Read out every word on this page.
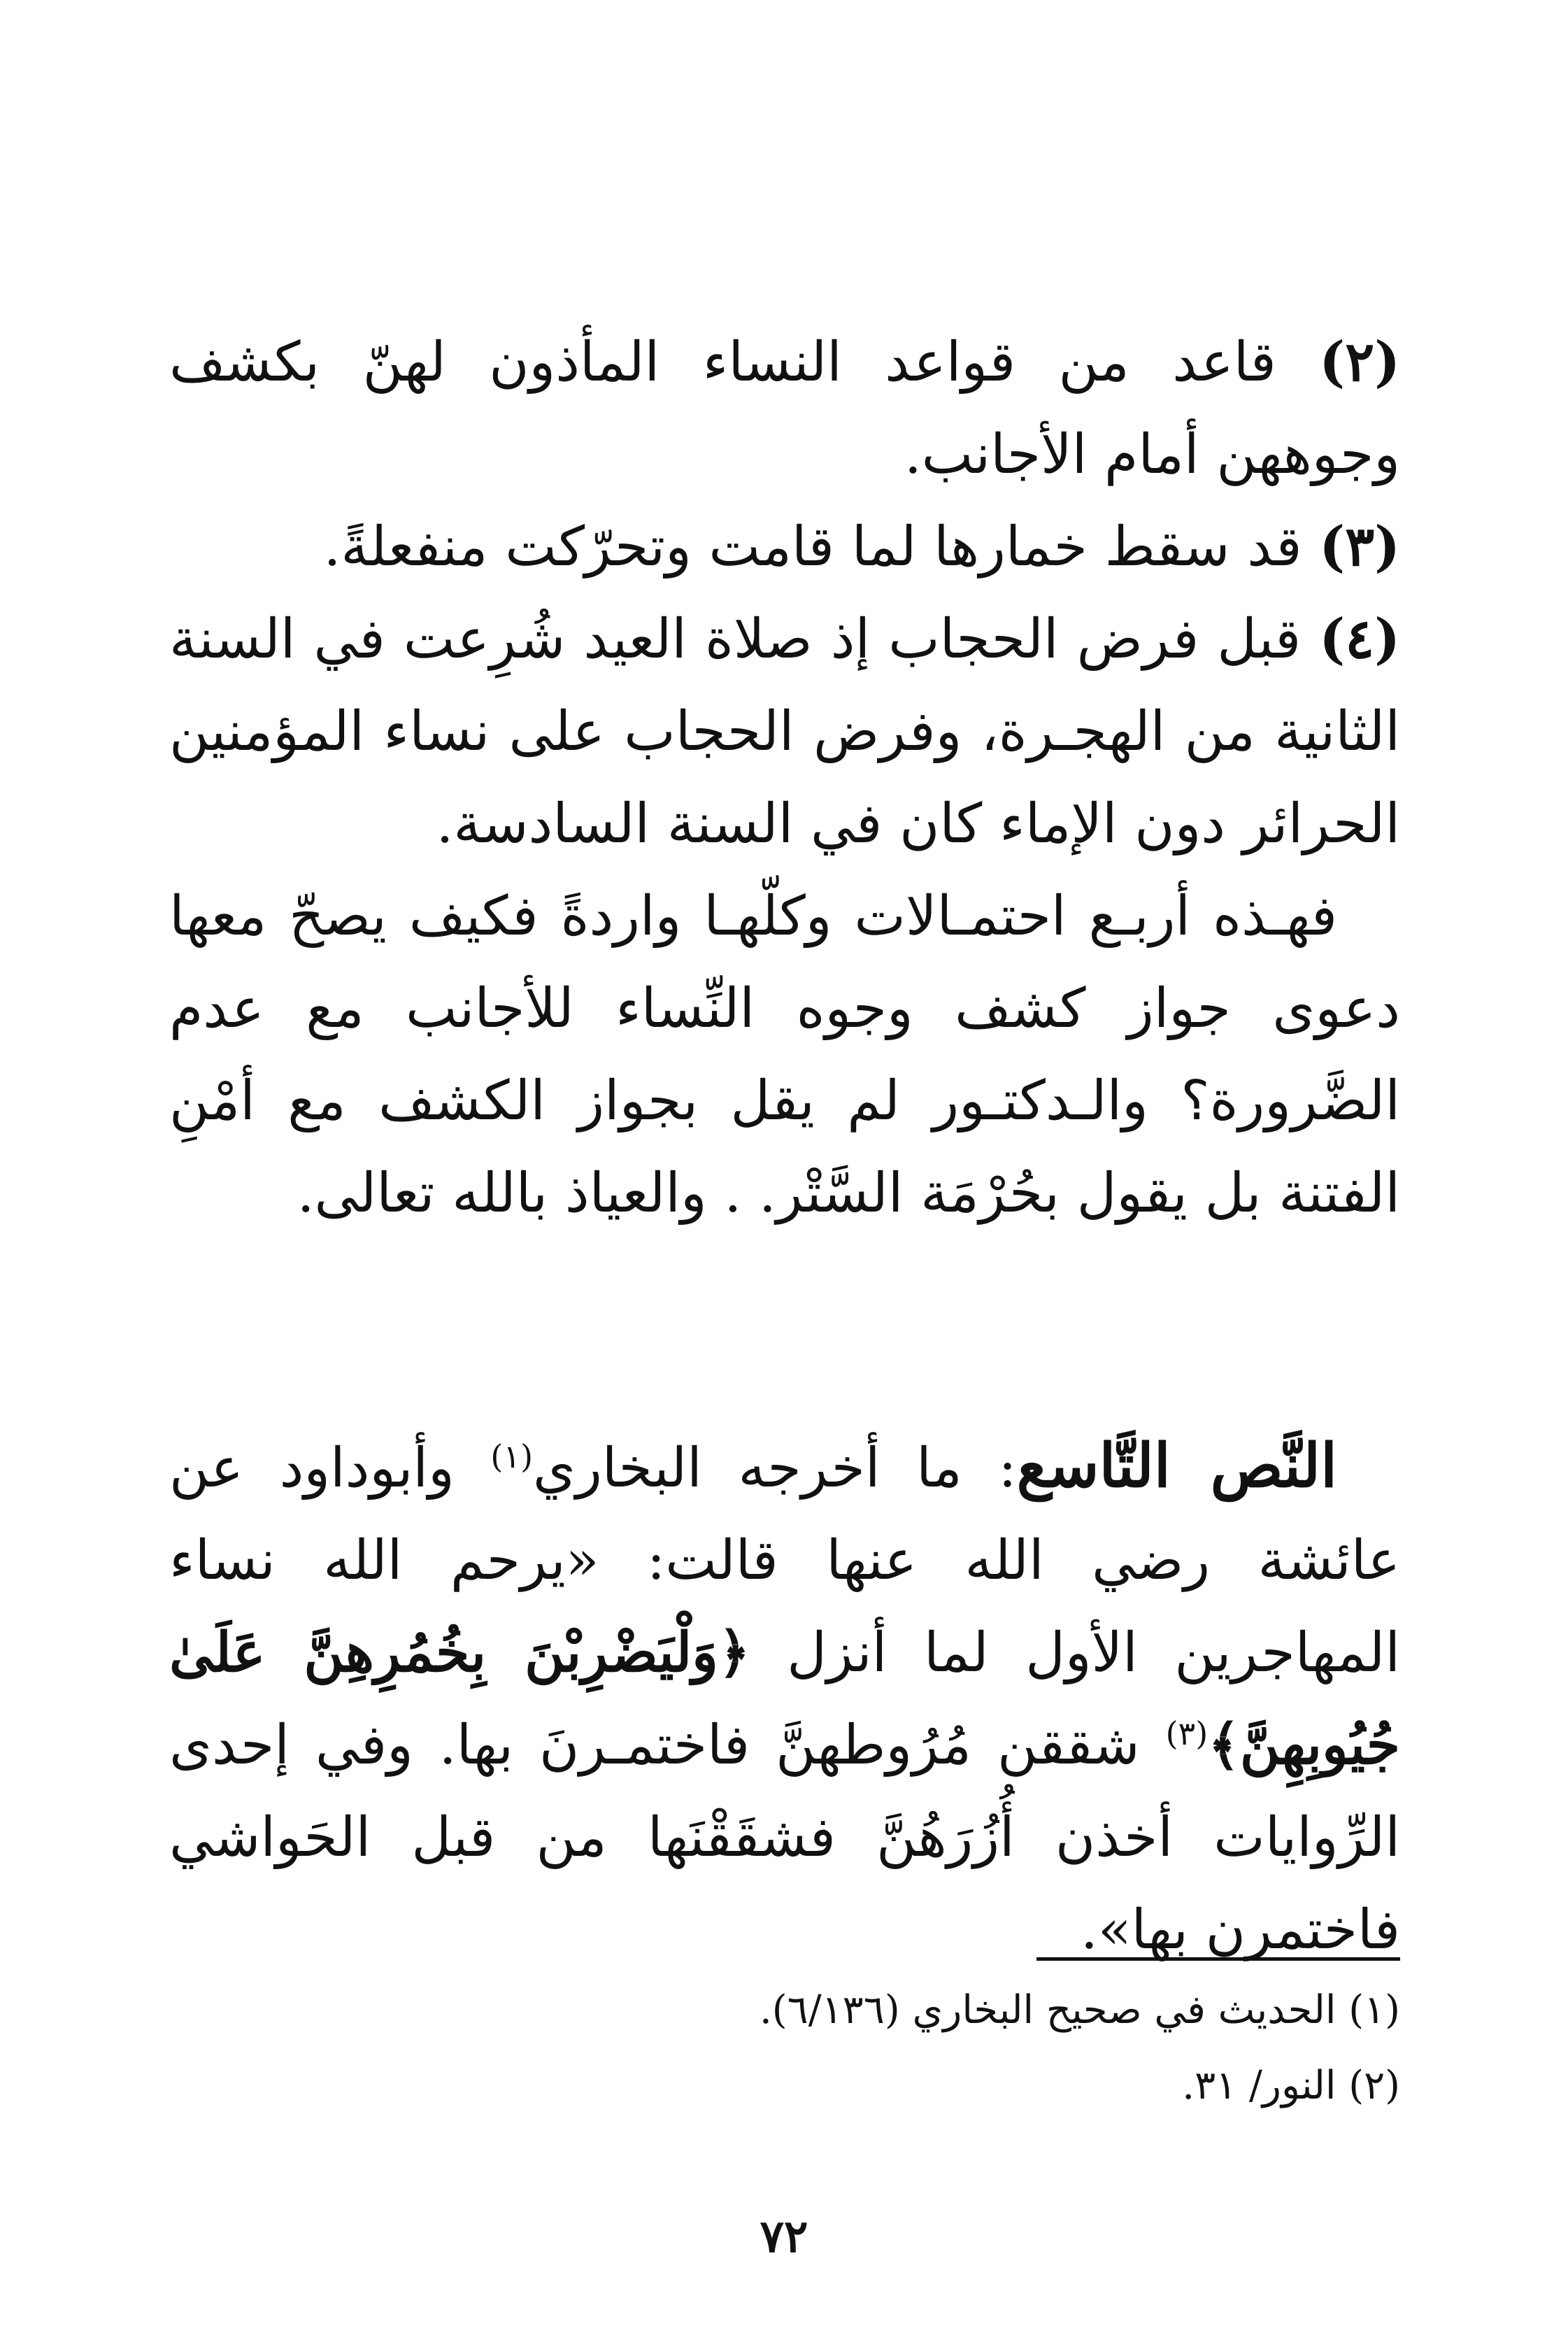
(٢) قاعد من قواعد النساء المأذون لهنّ بكشف وجوههن أمام الأجانب.

(٣) قد سقط خمارها لما قامت وتحرّكت منفعلةً.

(٤) قبل فرض الحجاب إذ صلاة العيد شُرِعت في السنة الثانية من الهجـرة، وفرض الحجاب على نساء المؤمنين الحرائر دون الإماء كان في السنة السادسة.

فهـذه أربـع احتمـالات وكلّهـا واردةً فكيف يصحّ معها دعوى جواز كشف وجوه النِّساء للأجانب مع عدم الضَّرورة؟ والـدكتـور لم يقل بجواز الكشف مع أمْنِ الفتنة بل يقول بحُرْمَة السَّتْر. . والعياذ بالله تعالى.

النَّص التَّاسع: ما أخرجه البخاري$^{(١)}$ وأبوداود عن عائشة رضي الله عنها قالت: «يرحم الله نساء المهاجرين الأول لما أنزل ﴿وَلْيَضْرِبْنَ بِخُمُرِهِنَّ عَلَىٰ جُيُوبِهِنَّ﴾$^{(٣)}$ شققن مُرُوطهنَّ فاختمـرنَ بها. وفي إحدى الرِّوايات أخذن أُزُرَهُنَّ فشقَقْنَها من قبل الحَواشي فاختمرن بها».

(١) الحديث في صحيح البخاري (٦/١٣٦).

(٢) النور/ ٣١.

٧٢
